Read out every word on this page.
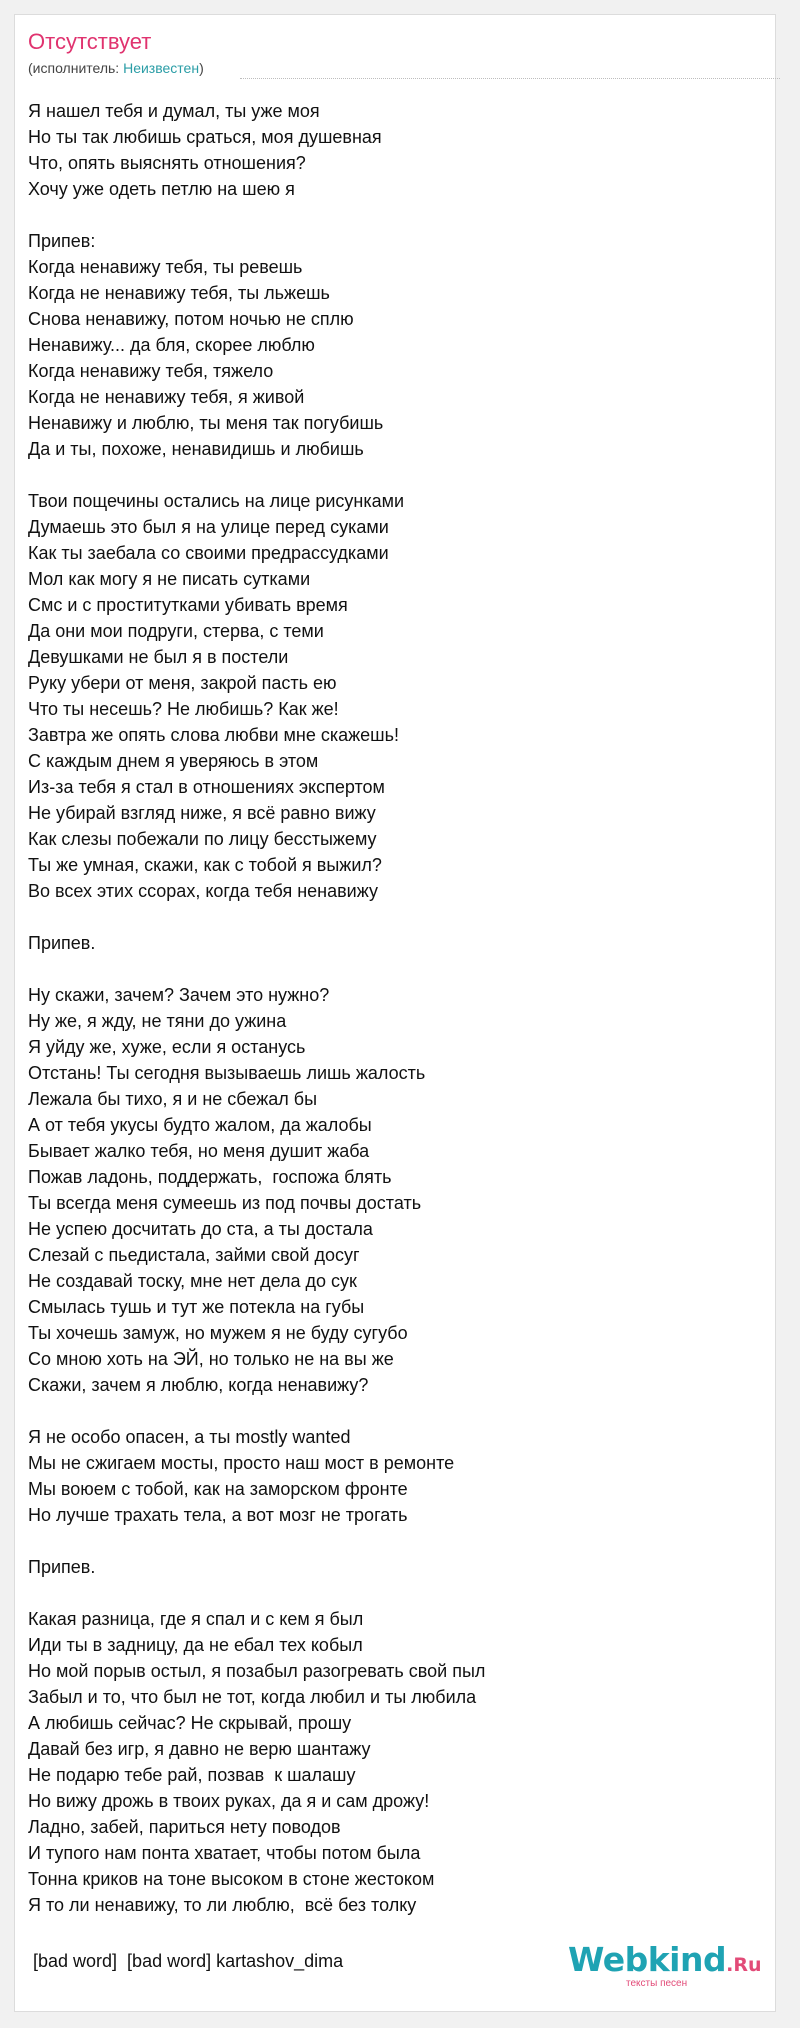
Отсутствует
(исполнитель: Неизвестен)
Я нашел тебя и думал, ты уже моя
Но ты так любишь сраться, моя душевная
Что, опять выяснять отношения?
Хочу уже одеть петлю на шею я
Припев:
Когда ненавижу тебя, ты ревешь
Когда не ненавижу тебя, ты льжешь
Снова ненавижу, потом ночью не сплю
Ненавижу... да бля, скорее люблю
Когда ненавижу тебя, тяжело
Когда не ненавижу тебя, я живой
Ненавижу и люблю, ты меня так погубишь
Да и ты, похоже, ненавидишь и любишь
Твои пощечины остались на лице рисунками
Думаешь это был я на улице перед суками
Как ты заебала со своими предрассудками
Мол как могу я не писать сутками
Смс и с проститутками убивать время
Да они мои подруги, стерва, с теми
Девушками не был я в постели
Руку убери от меня, закрой пасть ею
Что ты несешь? Не любишь? Как же!
Завтра же опять слова любви мне скажешь!
С каждым днем я уверяюсь в этом
Из-за тебя я стал в отношениях экспертом
Не убирай взгляд ниже, я всё равно вижу
Как слезы побежали по лицу бесстыжему
Ты же умная, скажи, как с тобой я выжил?
Во всех этих ссорах, когда тебя ненавижу
Припев.
Ну скажи, зачем? Зачем это нужно?
Ну же, я жду, не тяни до ужина
Я уйду же, хуже, если я останусь
Отстань! Ты сегодня вызываешь лишь жалость
Лежала бы тихо, я и не сбежал бы
А от тебя укусы будто жалом, да жалобы
Бывает жалко тебя, но меня душит жаба
Пожав ладонь, поддержать,  госпожа блять
Ты всегда меня сумеешь из под почвы достать
Не успею досчитать до ста, а ты достала
Слезай с пьедистала, займи свой досуг
Не создавай тоску, мне нет дела до сук
Смылась тушь и тут же потекла на губы
Ты хочешь замуж, но мужем я не буду сугубо
Со мною хоть на ЭЙ, но только не на вы же
Скажи, зачем я люблю, когда ненавижу?
Я не особо опасен, а ты mostly wanted
Мы не сжигаем мосты, просто наш мост в ремонте
Мы воюем с тобой, как на заморском фронте
Но лучше трахать тела, а вот мозг не трогать
Припев.
Какая разница, где я спал и с кем я был
Иди ты в задницу, да не ебал тех кобыл
Но мой порыв остыл, я позабыл разогревать свой пыл
Забыл и то, что был не тот, когда любил и ты любила
А любишь сейчас? Не скрывай, прошу
Давай без игр, я давно не верю шантажу
Не подарю тебе рай, позвав  к шалашу
Но вижу дрожь в твоих руках, да я и сам дрожу!
Ладно, забей, париться нету поводов
И тупого нам понта хватает, чтобы потом была
Тонна криков на тоне высоком в стоне жестоком
Я то ли ненавижу, то ли люблю,  всё без толку
[bad word]  [bad word] kartashov_dima	Webkind.Ru
тексты песен
